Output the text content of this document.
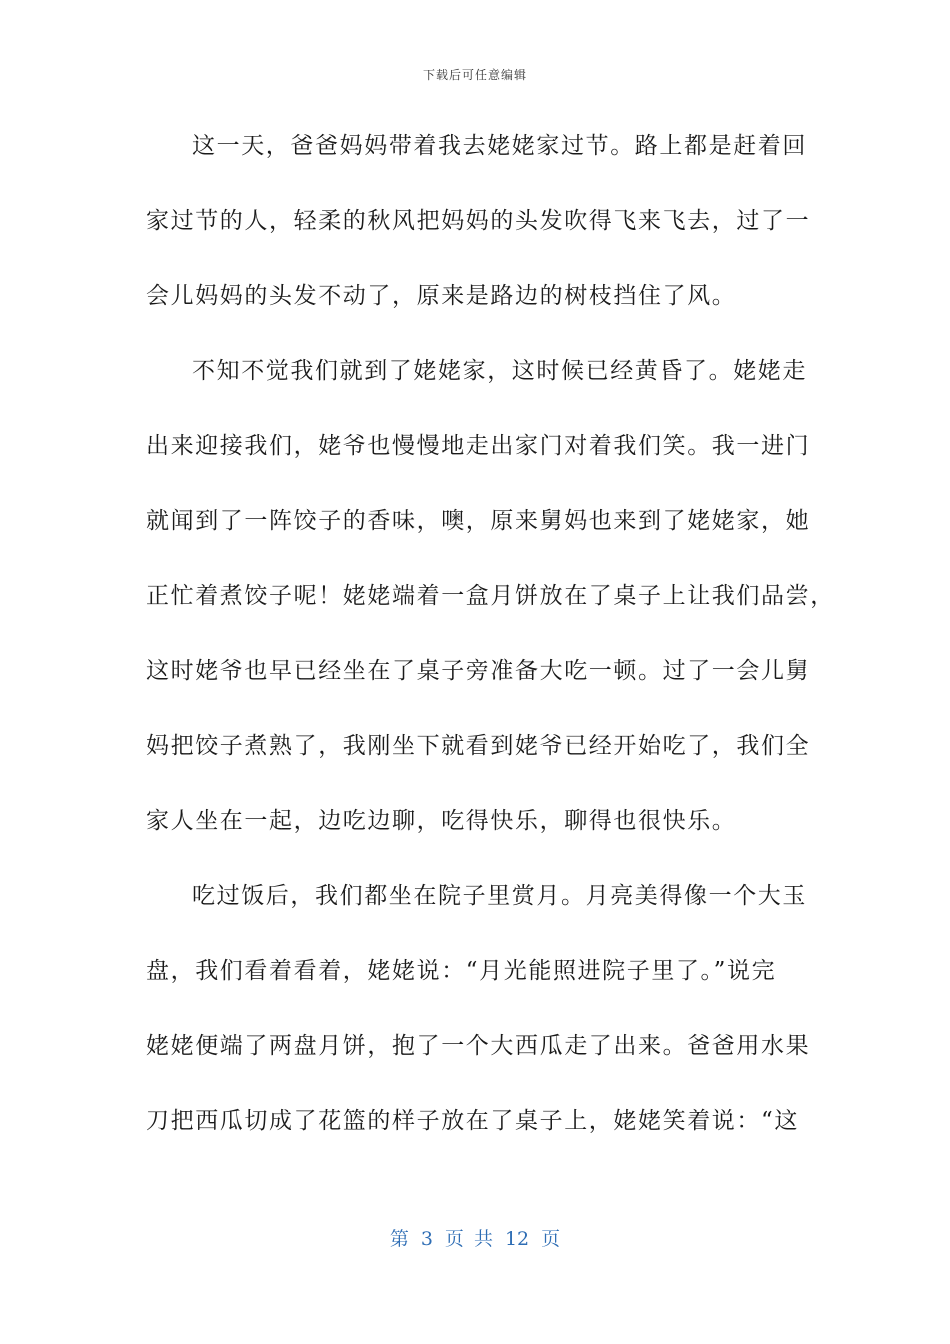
下载后可任意编辑
这一天，爸爸妈妈带着我去姥姥家过节。路上都是赶着回
家过节的人，轻柔的秋风把妈妈的头发吹得飞来飞去，过了一
会儿妈妈的头发不动了，原来是路边的树枝挡住了风。
不知不觉我们就到了姥姥家，这时候已经黄昏了。姥姥走
出来迎接我们，姥爷也慢慢地走出家门对着我们笑。我一进门
就闻到了一阵饺子的香味，噢，原来舅妈也来到了姥姥家，她
正忙着煮饺子呢！姥姥端着一盒月饼放在了桌子上让我们品尝，
这时姥爷也早已经坐在了桌子旁准备大吃一顿。过了一会儿舅
妈把饺子煮熟了，我刚坐下就看到姥爷已经开始吃了，我们全
家人坐在一起，边吃边聊，吃得快乐，聊得也很快乐。
吃过饭后，我们都坐在院子里赏月。月亮美得像一个大玉
盘，我们看着看着，姥姥说：“月光能照进院子里了。”说完
姥姥便端了两盘月饼，抱了一个大西瓜走了出来。爸爸用水果
刀把西瓜切成了花篮的样子放在了桌子上，姥姥笑着说：“这
第 3 页 共 12 页
